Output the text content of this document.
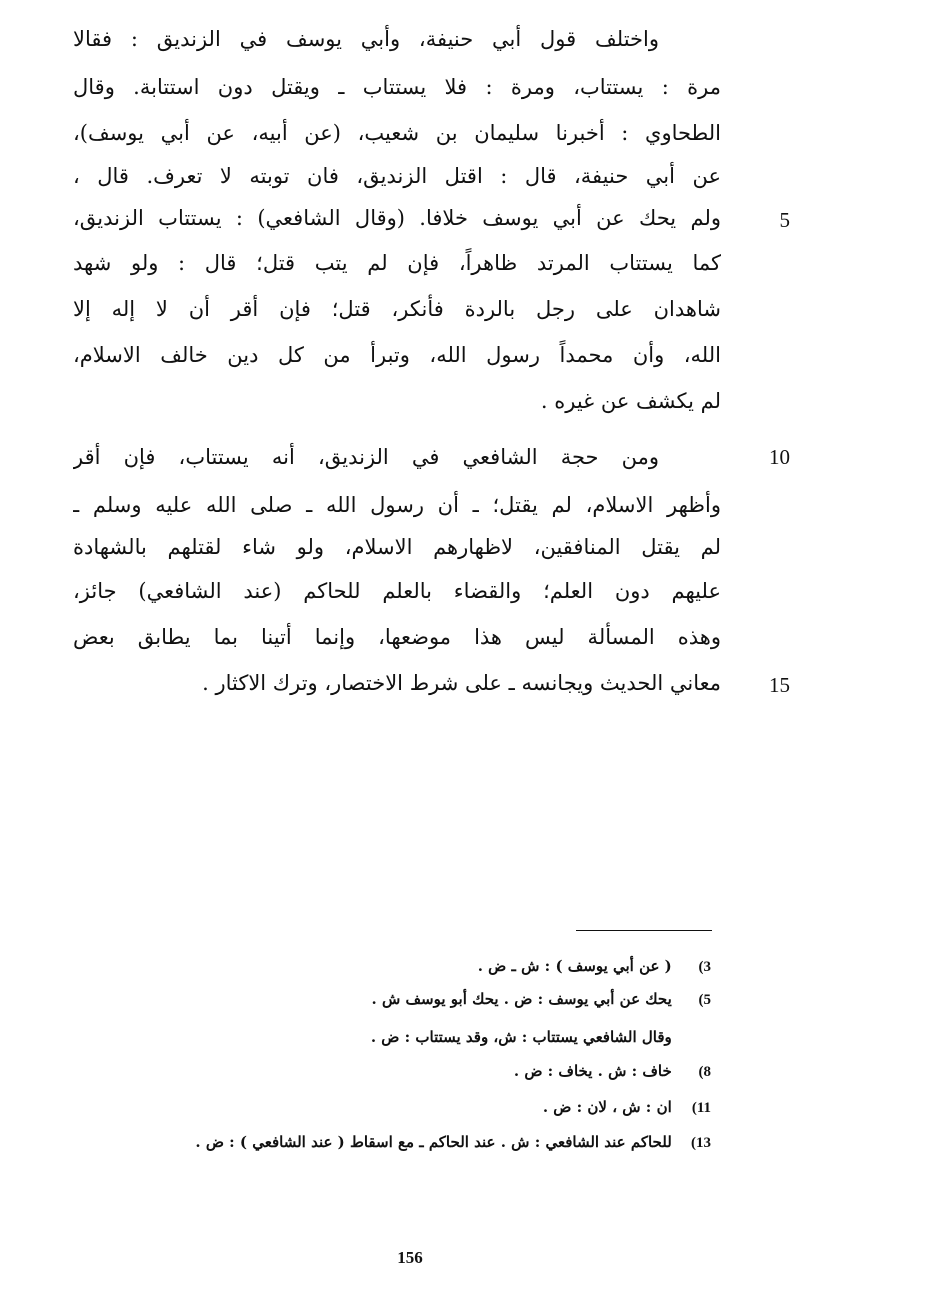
واختلف قول أبي حنيفة، وأبي يوسف في الزنديق : فقالا
مرة : يستتاب، ومرة : فلا يستتاب ـ ويقتل دون استتابة. وقال
الطحاوي : أخبرنا سليمان بن شعيب، (عن أبيه، عن أبي يوسف)،
عن أبي حنيفة، قال : اقتل الزنديق، فان توبته لا تعرف. قال ،
ولم يحك عن أبي يوسف خلافا. (وقال الشافعي) : يستتاب الزنديق،
كما يستتاب المرتد ظاهراً، فإن لم يتب قتل؛ قال : ولو شهد
شاهدان على رجل بالردة فأنكر، قتل؛ فإن أقر أن لا إله إلا
الله، وأن محمداً رسول الله، وتبرأ من كل دين خالف الاسلام،
لم يكشف عن غيره .
ومن حجة الشافعي في الزنديق، أنه يستتاب، فإن أقر
وأظهر الاسلام، لم يقتل؛ ـ أن رسول الله ـ صلى الله عليه وسلم ـ
لم يقتل المنافقين، لاظهارهم الاسلام، ولو شاء لقتلهم بالشهادة
عليهم دون العلم؛ والقضاء بالعلم للحاكم (عند الشافعي) جائز،
وهذه المسألة ليس هذا موضعها، وإنما أتينا بما يطابق بعض
معاني الحديث ويجانسه ـ على شرط الاختصار، وترك الاكثار .
5
10
15
3) ( عن أبي يوسف ) : ش ـ ض .
5) يحك عن أبي يوسف : ض . يحك أبو يوسف ش .
وقال الشافعي يستتاب : ش، وقد يستتاب : ض .
8) خاف : ش . يخاف : ض .
11) ان : ش ، لان : ض .
13) للحاكم عند الشافعي : ش . عند الحاكم ـ مع اسقاط ( عند الشافعي ) : ض .
156
